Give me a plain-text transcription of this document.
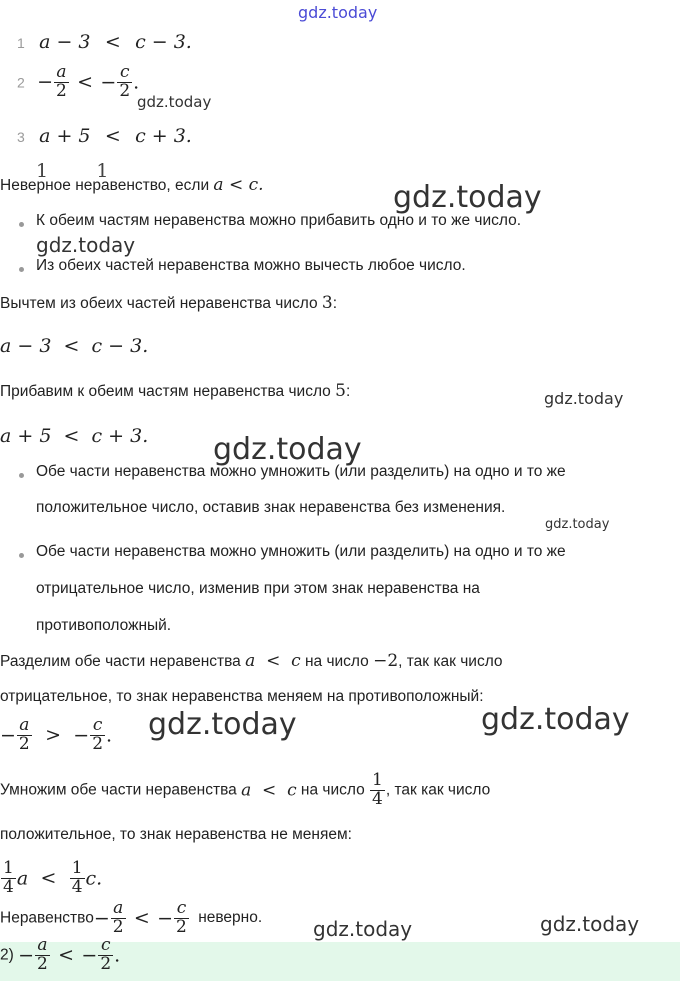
gdz.today
gdz.today
gdz.today
gdz.today
gdz.today
gdz.today
gdz.today
gdz.today	gdz.today
gdz.today	gdz.today
1 a − 3 < c − 3.
$2 - \frac{a}{2}$ < − $\frac{c}{2}$ .
3 a + 5 < c + 3.
1        1
Неверное неравенство, если a < c.
К обеим частям неравенства можно прибавить одно и то же число.
Из обеих частей неравенства можно вычесть любое число.
Вычтем из обеих частей неравенства число 3:
a − 3  <  c − 3.
Прибавим к обеим частям неравенства число 5:
a + 5  <  c + 3.
Обе части неравенства можно умножить (или разделить) на одно и то же
положительное число, оставив знак неравенства без изменения.
Обе части неравенства можно умножить (или разделить) на одно и то же
отрицательное число, изменив при этом знак неравенства на
противоположный.
Разделим обе части неравенства a  <  c на число −2, так как число
отрицательное, то знак неравенства меняем на противоположный:
− $\frac{a}{2}$ > − $\frac{c}{2}$ .
Умножим обе части неравенства a  <  c на число $\frac{1}{4}$ , так как число
положительное, то знак неравенства не меняем:
$\frac{1}{4}$ $a < \frac{1}{4} c$.
Неравенство− $\frac{a}{2}$ < − $\frac{c}{2}$ неверно.
$2) - \frac{a}{2}$ < − $\frac{c}{2}$ .
